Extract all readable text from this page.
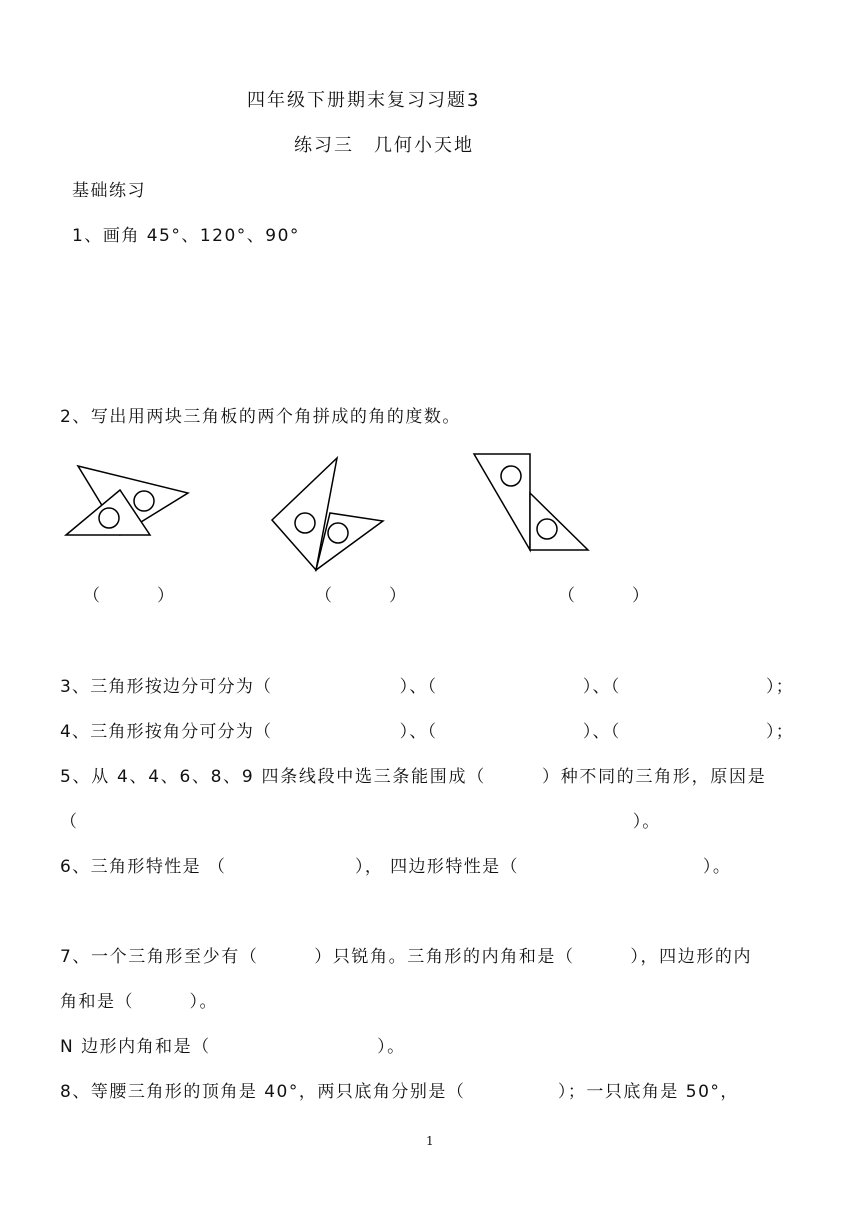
四年级下册期末复习习题3
练习三　几何小天地
基础练习
1、画角 45°、120°、90°
2、写出用两块三角板的两个角拼成的角的度数。
（　　　）	（　　　）	（　　　）
3、三角形按边分可分为（　　　　　　　）、（　　　　　　　　）、（　　　　　　　　）；
4、三角形按角分可分为（　　　　　　　）、（　　　　　　　　）、（　　　　　　　　）；
5、从 4、4、6、8、9 四条线段中选三条能围成（　　　）种不同的三角形，原因是
（　　　　　　　　　　　　　　　　　　　　　　　　　　　　　　　）。
6、三角形特性是 （　　　　　　　）， 四边形特性是（　　　　　　　　　　）。
7、一个三角形至少有（　　　）只锐角。三角形的内角和是（　　　），四边形的内
角和是（　　　）。
N 边形内角和是（　　　　　　　　　）。
8、等腰三角形的顶角是 40°，两只底角分别是（　　　　　）；一只底角是 50°，
1
